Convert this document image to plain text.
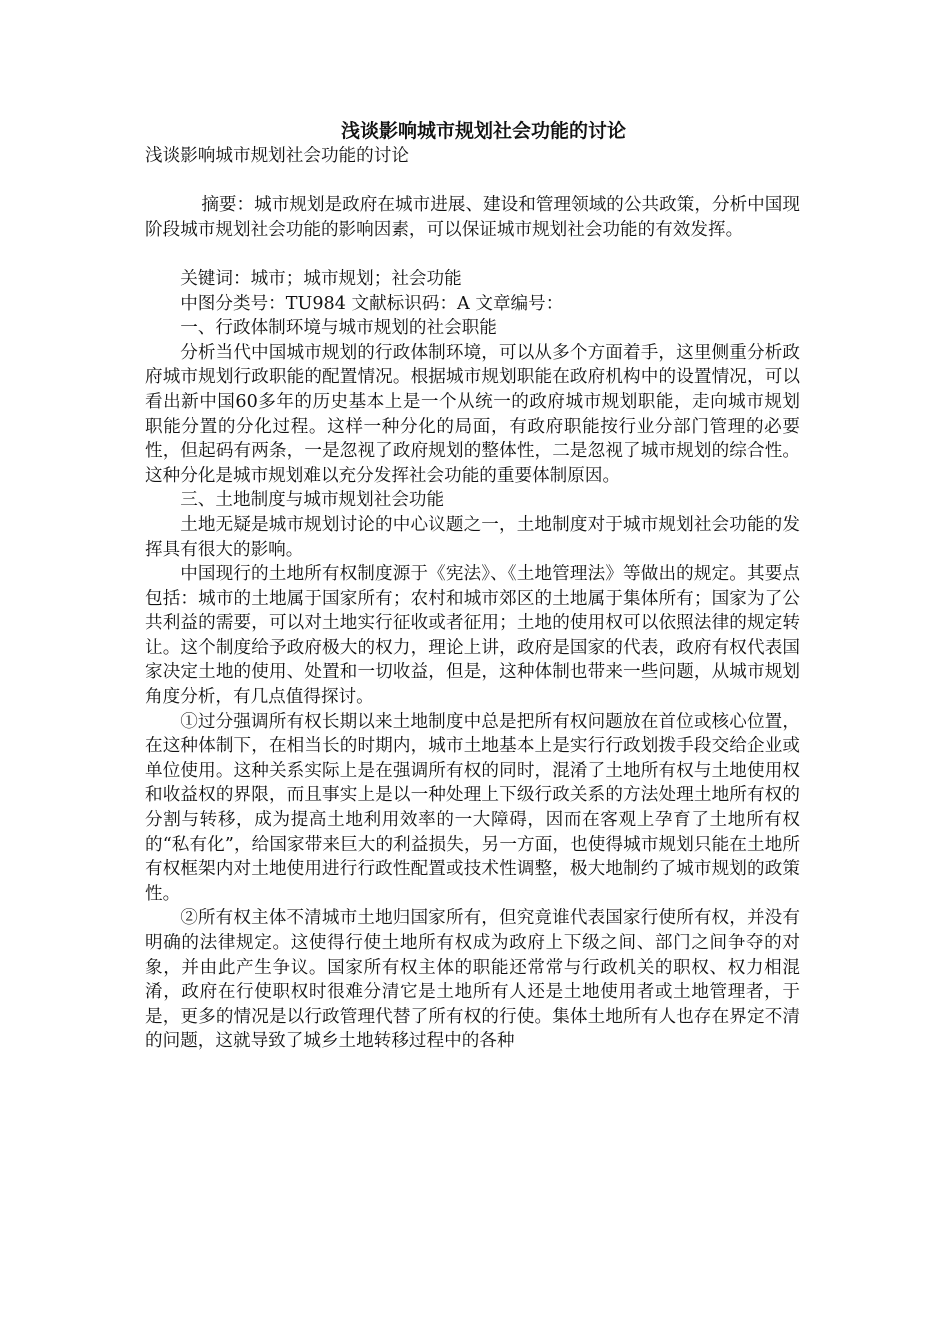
浅谈影响城市规划社会功能的讨论

浅谈影响城市规划社会功能的讨论

摘要：城市规划是政府在城市进展、建设和管理领域的公共政策，分析中国现阶段城市规划社会功能的影响因素，可以保证城市规划社会功能的有效发挥。

关键词：城市；城市规划；社会功能

中图分类号：TU984 文献标识码：A 文章编号：

一、行政体制环境与城市规划的社会职能

分析当代中国城市规划的行政体制环境，可以从多个方面着手，这里侧重分析政府城市规划行政职能的配置情况。根据城市规划职能在政府机构中的设置情况，可以看出新中国60多年的历史基本上是一个从统一的政府城市规划职能，走向城市规划职能分置的分化过程。这样一种分化的局面，有政府职能按行业分部门管理的必要性，但起码有两条，一是忽视了政府规划的整体性，二是忽视了城市规划的综合性。这种分化是城市规划难以充分发挥社会功能的重要体制原因。

三、土地制度与城市规划社会功能

土地无疑是城市规划讨论的中心议题之一，土地制度对于城市规划社会功能的发挥具有很大的影响。

中国现行的土地所有权制度源于《宪法》、《土地管理法》等做出的规定。其要点包括：城市的土地属于国家所有；农村和城市郊区的土地属于集体所有；国家为了公共利益的需要，可以对土地实行征收或者征用；土地的使用权可以依照法律的规定转让。这个制度给予政府极大的权力，理论上讲，政府是国家的代表，政府有权代表国家决定土地的使用、处置和一切收益，但是，这种体制也带来一些问题，从城市规划角度分析，有几点值得探讨。

①过分强调所有权长期以来土地制度中总是把所有权问题放在首位或核心位置，在这种体制下，在相当长的时期内，城市土地基本上是实行行政划拨手段交给企业或单位使用。这种关系实际上是在强调所有权的同时，混淆了土地所有权与土地使用权和收益权的界限，而且事实上是以一种处理上下级行政关系的方法处理土地所有权的分割与转移，成为提高土地利用效率的一大障碍，因而在客观上孕育了土地所有权的“私有化”，给国家带来巨大的利益损失，另一方面，也使得城市规划只能在土地所有权框架内对土地使用进行行政性配置或技术性调整，极大地制约了城市规划的政策性。

②所有权主体不清城市土地归国家所有，但究竟谁代表国家行使所有权，并没有明确的法律规定。这使得行使土地所有权成为政府上下级之间、部门之间争夺的对象，并由此产生争议。国家所有权主体的职能还常常与行政机关的职权、权力相混淆，政府在行使职权时很难分清它是土地所有人还是土地使用者或土地管理者，于是，更多的情况是以行政管理代替了所有权的行使。集体土地所有人也存在界定不清的问题，这就导致了城乡土地转移过程中的各种
